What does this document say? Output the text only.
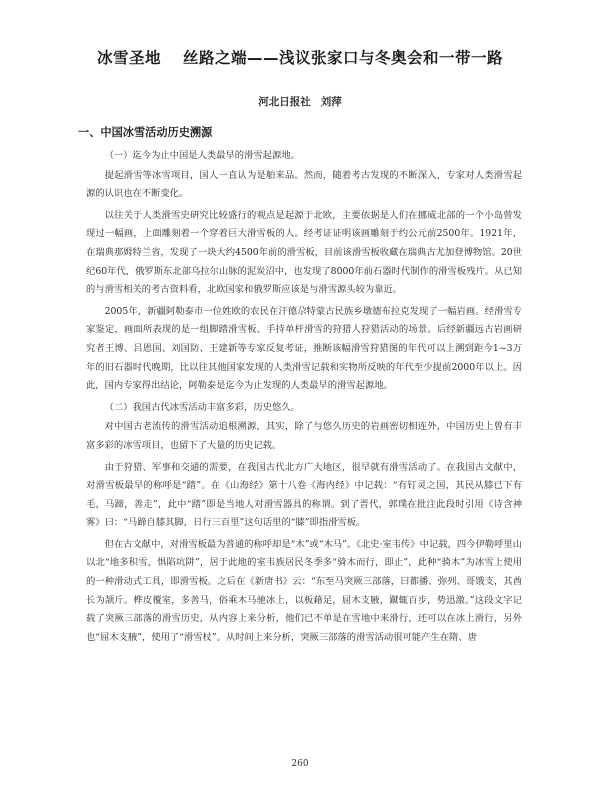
冰雪圣地 丝路之端——浅议张家口与冬奥会和一带一路
河北日报社 刘萍
一、中国冰雪活动历史溯源

（一）迄今为止中国是人类最早的滑雪起源地。

提起滑雪等冰雪项目，国人一直认为是舶来品。然而，随着考古发现的不断深入，专家对人类滑雪起源的认识也在不断变化。

以往关于人类滑雪史研究比较盛行的观点是起源于北欧，主要依据是人们在挪威北部的一个小岛曾发现过一幅画，上面雕刻着一个穿着巨大滑雪板的人。经考证证明该画雕刻于约公元前2500年。1921年，在瑞典那姆特兰省，发现了一块大约4500年前的滑雪板，目前该滑雪板收藏在瑞典古尤加登博物馆。20世纪60年代，俄罗斯东北部乌拉尔山脉的泥炭沼中，也发现了8000年前石器时代制作的滑雪板残片。从已知的与滑雪相关的考古资料看，北欧国家和俄罗斯应该是与滑雪源头较为靠近。

2005年，新疆阿勒泰市一位姓欧的农民在汗德尕特蒙古民族乡墩德布拉克发现了一幅岩画。经滑雪专家鉴定，画面所表现的是一组脚踏滑雪板、手持单杆滑雪的狩猎人狩猎活动的场景。后经新疆远古岩画研究者王博、吕恩国、刘国防、王建新等专家反复考证，推断该幅滑雪狩猎图的年代可以上溯到距今1~3万年的旧石器时代晚期，比以往其他国家发现的人类滑雪记载和实物所反映的年代至少提前2000年以上。因此，国内专家得出结论，阿勒泰是迄今为止发现的人类最早的滑雪起源地。

（二）我国古代冰雪活动丰富多彩，历史悠久。

对中国古老流传的滑雪活动追根溯源，其实，除了与悠久历史的岩画密切相连外，中国历史上曾有丰富多彩的冰雪项目，也留下了大量的历史记载。

由于狩猎、军事和交通的需要，在我国古代北方广大地区，很早就有滑雪活动了。在我国古文献中，对滑雪板最早的称呼是“踏”。在《山海经》第十八卷《海内经》中记载：“有钉灵之国，其民从膝已下有毛，马蹄，善走”，此中“踏”即是当地人对滑雪器具的称谓。到了晋代，郭璞在批注此段时引用《诗含神雾》曰：“马蹄自膝其脚，日行三百里”这句话里的“膝”即指滑雪板。

但在古文献中，对滑雪板最为普通的称呼却是“木”或“木马”。《北史·室韦传》中记载，四今伊勒呼里山以北“地多积雪，惧陷坑阱”，居于此地的室韦族居民冬季多“骑木而行，即止”，此种“骑木”为冰雪上使用的一种滑动式工具，即滑雪板。之后在《新唐书》云：“东至马突厥三部落，曰都播、弥列、哥饿支，其酋长为颉斤。桦皮覆室，多善马，俗乘木马驰冰上，以板藉足，屈木支腋，蹴辄百步，势迅激。”这段文字记载了突厥三部落的滑雪历史，从内容上来分析，他们已不单是在雪地中来滑行，还可以在冰上滑行，另外也“屈木支腋”，使用了“滑雪杖”。从时间上来分析，突厥三部落的滑雪活动很可能产生在隋、唐

260
